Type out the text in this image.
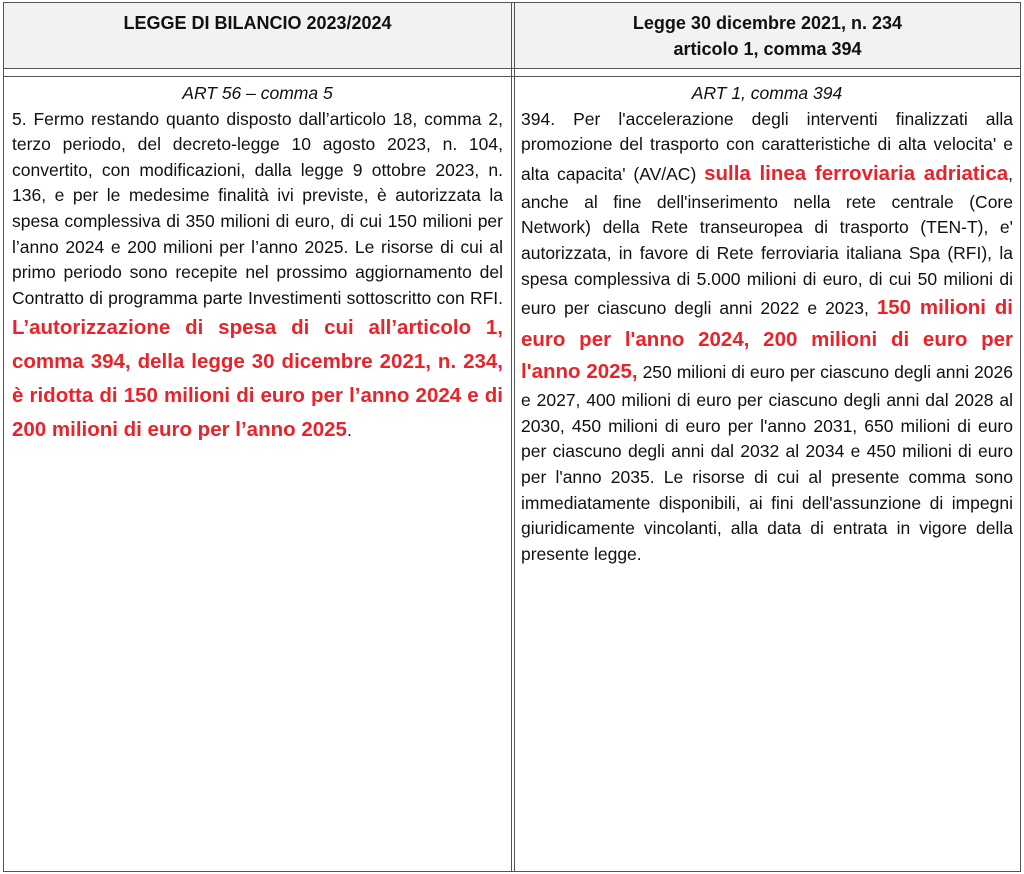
LEGGE DI BILANCIO 2023/2024	Legge 30 dicembre 2021, n. 234
articolo 1, comma 394
ART 56 – comma 5

5. Fermo restando quanto disposto dall’articolo 18, comma 2, terzo periodo, del decreto-legge 10 agosto 2023, n. 104, convertito, con modificazioni, dalla legge 9 ottobre 2023, n. 136, e per le medesime finalità ivi previste, è autorizzata la spesa complessiva di 350 milioni di euro, di cui 150 milioni per l’anno 2024 e 200 milioni per l’anno 2025. Le risorse di cui al primo periodo sono recepite nel prossimo aggiornamento del Contratto di programma parte Investimenti sottoscritto con RFI. L’autorizzazione di spesa di cui all’articolo 1, comma 394, della legge 30 dicembre 2021, n. 234, è ridotta di 150 milioni di euro per l’anno 2024 e di 200 milioni di euro per l’anno 2025.

ART 1, comma 394

394. Per l'accelerazione degli interventi finalizzati alla promozione del trasporto con caratteristiche di alta velocita' e alta capacita' (AV/AC) sulla linea ferroviaria adriatica, anche al fine dell'inserimento nella rete centrale (Core Network) della Rete transeuropea di trasporto (TEN-T), e' autorizzata, in favore di Rete ferroviaria italiana Spa (RFI), la spesa complessiva di 5.000 milioni di euro, di cui 50 milioni di euro per ciascuno degli anni 2022 e 2023, 150 milioni di euro per l'anno 2024, 200 milioni di euro per l'anno 2025, 250 milioni di euro per ciascuno degli anni 2026 e 2027, 400 milioni di euro per ciascuno degli anni dal 2028 al 2030, 450 milioni di euro per l'anno 2031, 650 milioni di euro per ciascuno degli anni dal 2032 al 2034 e 450 milioni di euro per l'anno 2035. Le risorse di cui al presente comma sono immediatamente disponibili, ai fini dell'assunzione di impegni giuridicamente vincolanti, alla data di entrata in vigore della presente legge.
